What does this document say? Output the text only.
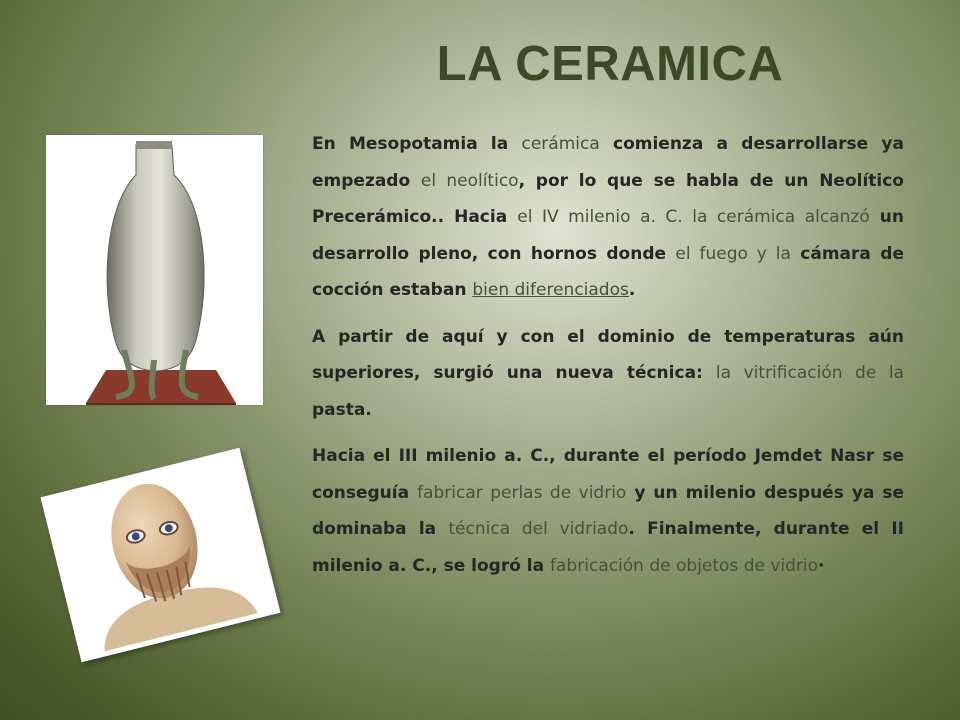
LA CERAMICA

En Mesopotamia la cerámica comienza a desarrollarse ya empezado el neolítico, por lo que se habla de un Neolítico Precerámico.. Hacia el IV milenio a. C. la cerámica alcanzó un desarrollo pleno, con hornos donde el fuego y la cámara de cocción estaban bien diferenciados.

A partir de aquí y con el dominio de temperaturas aún superiores, surgió una nueva técnica: la vitrificación de la pasta.

Hacia el III milenio a. C., durante el período Jemdet Nasr se conseguía fabricar perlas de vidrio y un milenio después ya se dominaba la técnica del vidriado. Finalmente, durante el II milenio a. C., se logró la fabricación de objetos de vidrio·
